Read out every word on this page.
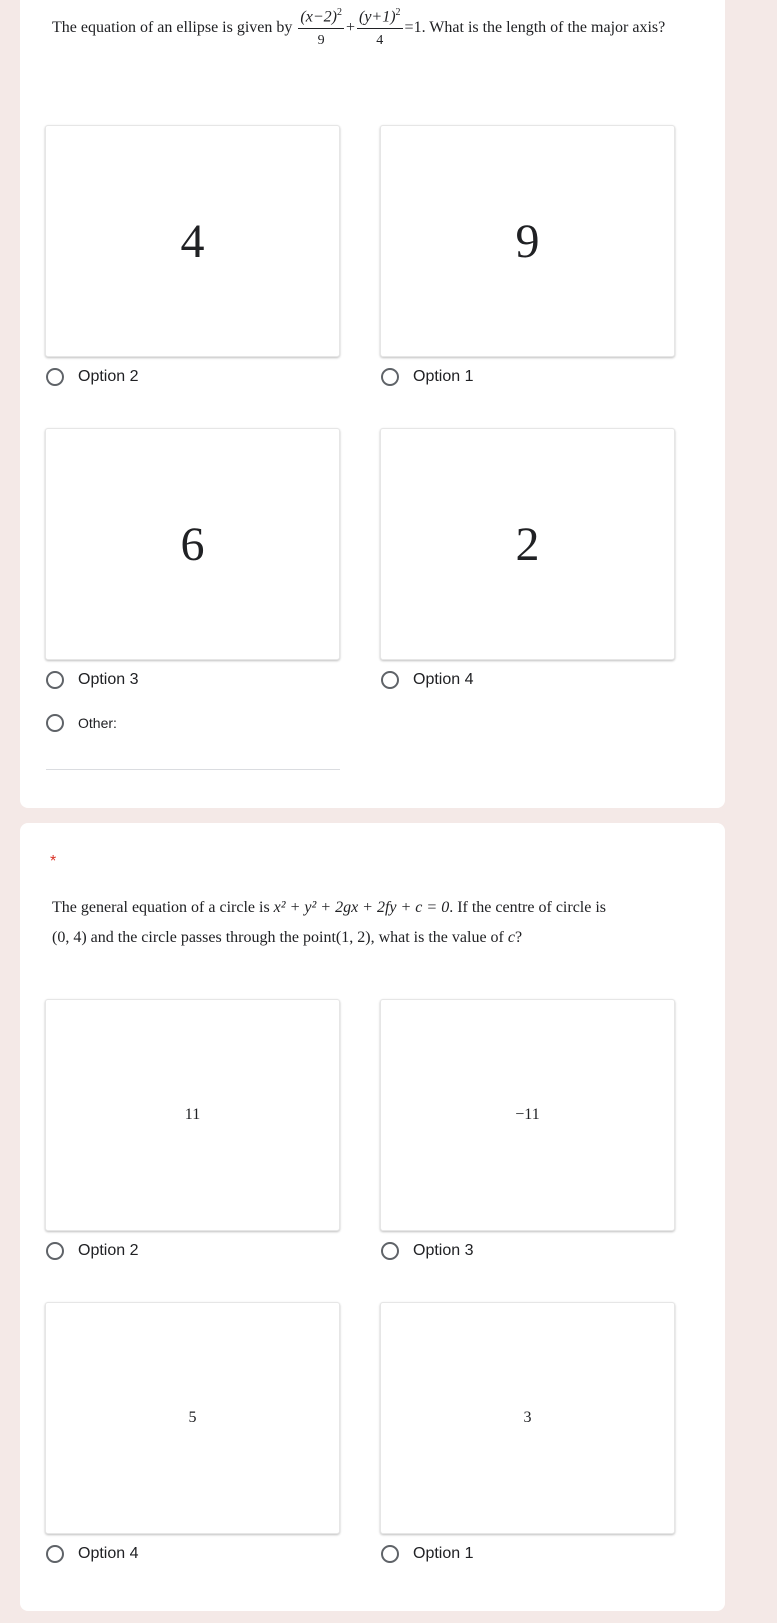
The equation of an ellipse is given by $\frac{(x-2)^2}{9} + \frac{(y+1)^2}{4} =1$. What is the length of the major axis?
4	9
Option 2	Option 1
6	2
Option 3	Option 4
Other:
*
The general equation of a circle is x² + y² + 2gx + 2fy + c = 0. If the centre of circle is
(0, 4) and the circle passes through the point(1, 2), what is the value of c?
11	−11
Option 2	Option 3
5	3
Option 4	Option 1
